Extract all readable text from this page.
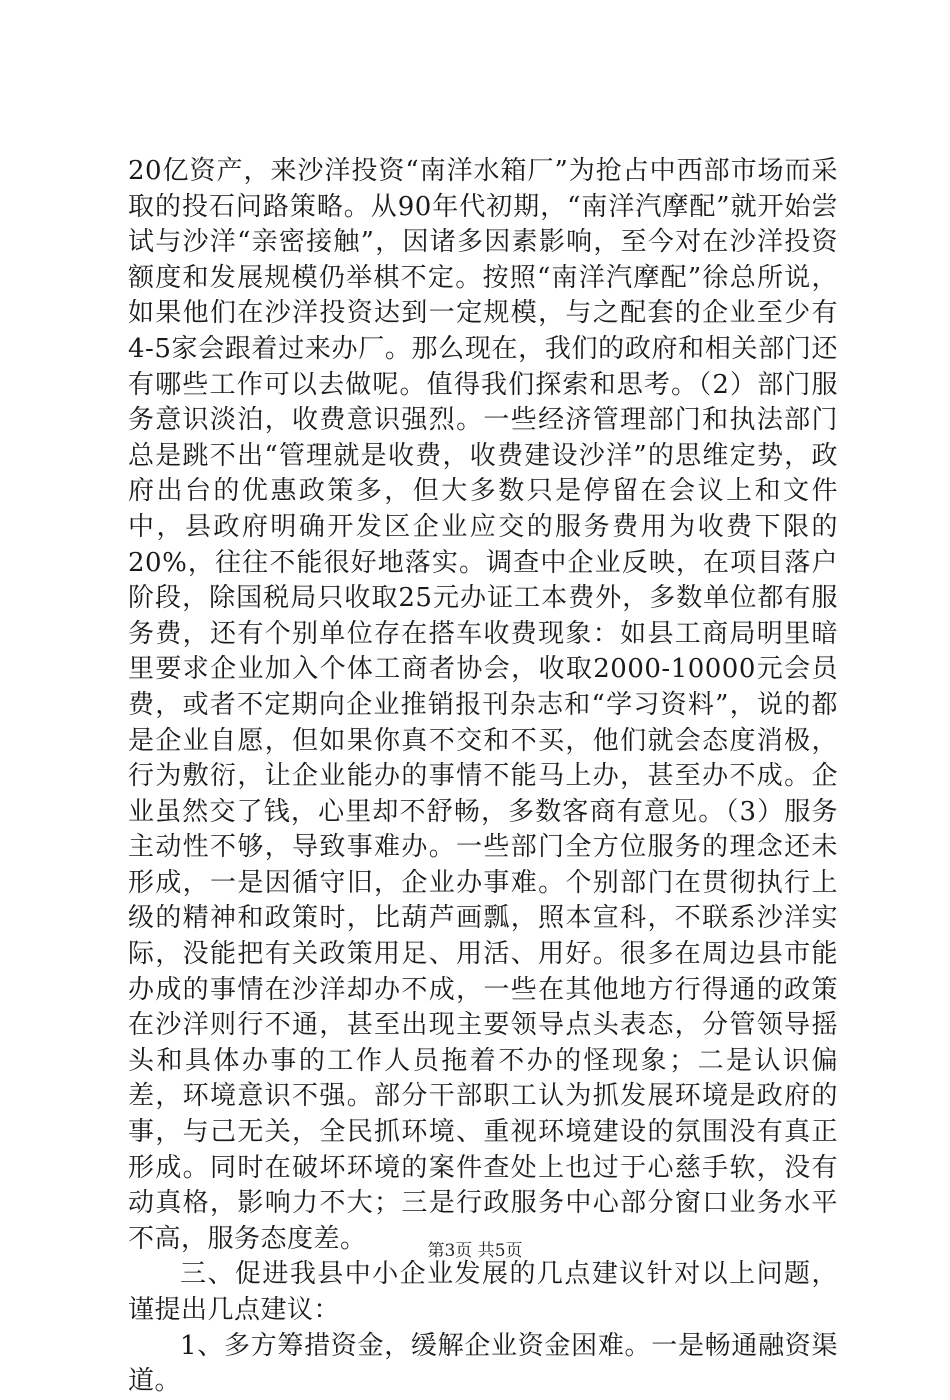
20亿资产，来沙洋投资“南洋水箱厂”为抢占中西部市场而采取的投石问路策略。从90年代初期，“南洋汽摩配”就开始尝试与沙洋“亲密接触”，因诸多因素影响，至今对在沙洋投资额度和发展规模仍举棋不定。按照“南洋汽摩配”徐总所说，如果他们在沙洋投资达到一定规模，与之配套的企业至少有4-5家会跟着过来办厂。那么现在，我们的政府和相关部门还有哪些工作可以去做呢。值得我们探索和思考。（2）部门服务意识淡泊，收费意识强烈。一些经济管理部门和执法部门总是跳不出“管理就是收费，收费建设沙洋”的思维定势，政府出台的优惠政策多，但大多数只是停留在会议上和文件中，县政府明确开发区企业应交的服务费用为收费下限的20%，往往不能很好地落实。调查中企业反映，在项目落户阶段，除国税局只收取25元办证工本费外，多数单位都有服务费，还有个别单位存在搭车收费现象：如县工商局明里暗里要求企业加入个体工商者协会，收取2000-10000元会员费，或者不定期向企业推销报刊杂志和“学习资料”，说的都是企业自愿，但如果你真不交和不买，他们就会态度消极，行为敷衍，让企业能办的事情不能马上办，甚至办不成。企业虽然交了钱，心里却不舒畅，多数客商有意见。（3）服务主动性不够，导致事难办。一些部门全方位服务的理念还未形成，一是因循守旧，企业办事难。个别部门在贯彻执行上级的精神和政策时，比葫芦画瓢，照本宣科，不联系沙洋实际，没能把有关政策用足、用活、用好。很多在周边县市能办成的事情在沙洋却办不成，一些在其他地方行得通的政策在沙洋则行不通，甚至出现主要领导点头表态，分管领导摇头和具体办事的工作人员拖着不办的怪现象；二是认识偏差，环境意识不强。部分干部职工认为抓发展环境是政府的事，与己无关，全民抓环境、重视环境建设的氛围没有真正形成。同时在破坏环境的案件查处上也过于心慈手软，没有动真格，影响力不大；三是行政服务中心部分窗口业务水平不高，服务态度差。

三、促进我县中小企业发展的几点建议针对以上问题，谨提出几点建议：

1、多方筹措资金，缓解企业资金困难。一是畅通融资渠道。

第3页 共5页
